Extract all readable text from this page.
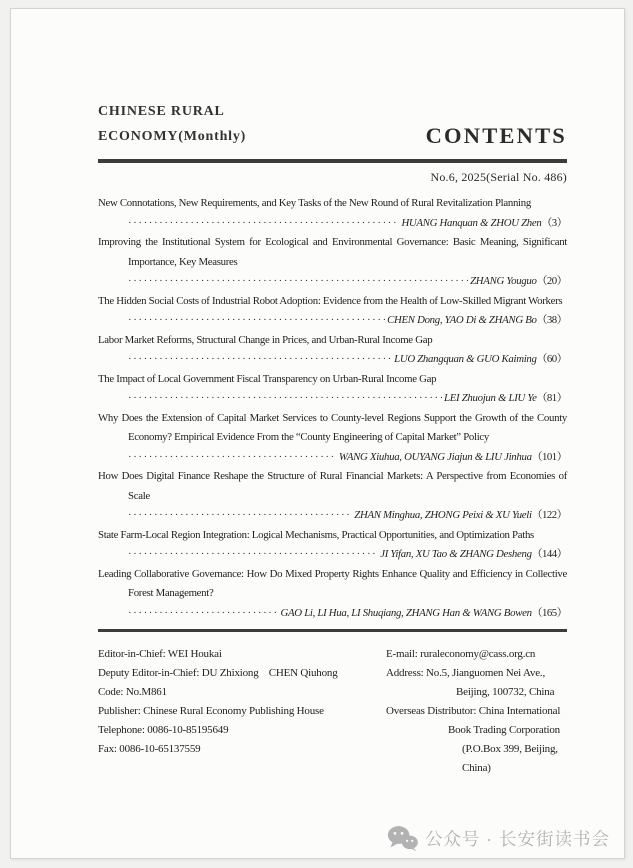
CHINESE RURAL
ECONOMY(Monthly)	CONTENTS
No.6, 2025(Serial No. 486)
New Connotations, New Requirements, and Key Tasks of the New Round of Rural Revitalization Planning
·····
HUANG Hanquan & ZHOU Zhen （3）
Improving the Institutional System for Ecological and Environmental Governance: Basic Meaning, Significant Importance, Key Measures
·····
ZHANG Youguo （20）
The Hidden Social Costs of Industrial Robot Adoption: Evidence from the Health of Low-Skilled Migrant Workers
·····
CHEN Dong, YAO Di & ZHANG Bo （38）
Labor Market Reforms, Structural Change in Prices, and Urban-Rural Income Gap
·····
LUO Zhangquan & GUO Kaiming （60）
The Impact of Local Government Fiscal Transparency on Urban-Rural Income Gap
·····
LEI Zhuojun & LIU Ye （81）
Why Does the Extension of Capital Market Services to County-level Regions Support the Growth of the County Economy? Empirical Evidence From the “County Engineering of Capital Market” Policy
·····
WANG Xiuhua, OUYANG Jiajun & LIU Jinhua （101）
How Does Digital Finance Reshape the Structure of Rural Financial Markets: A Perspective from Economies of Scale
·····
ZHAN Minghua, ZHONG Peixi & XU Yueli （122）
State Farm-Local Region Integration: Logical Mechanisms, Practical Opportunities, and Optimization Paths
·····
JI Yifan, XU Tao & ZHANG Desheng （144）
Leading Collaborative Governance: How Do Mixed Property Rights Enhance Quality and Efficiency in Collective Forest Management?
·····
GAO Li, LI Hua, LI Shuqiang, ZHANG Han & WANG Bowen （165）
Editor-in-Chief: WEI Houkai
Deputy Editor-in-Chief: DU Zhixiong    CHEN Qiuhong
Code: No.M861
Publisher: Chinese Rural Economy Publishing House
Telephone: 0086-10-85195649
Fax: 0086-10-65137559
E-mail: ruraleconomy@cass.org.cn
Address: No.5, Jianguomen Nei Ave.,
Beijing, 100732, China
Overseas Distributor: China International
Book Trading Corporation
(P.O.Box 399, Beijing, China)
公众号 · 长安街读书会
